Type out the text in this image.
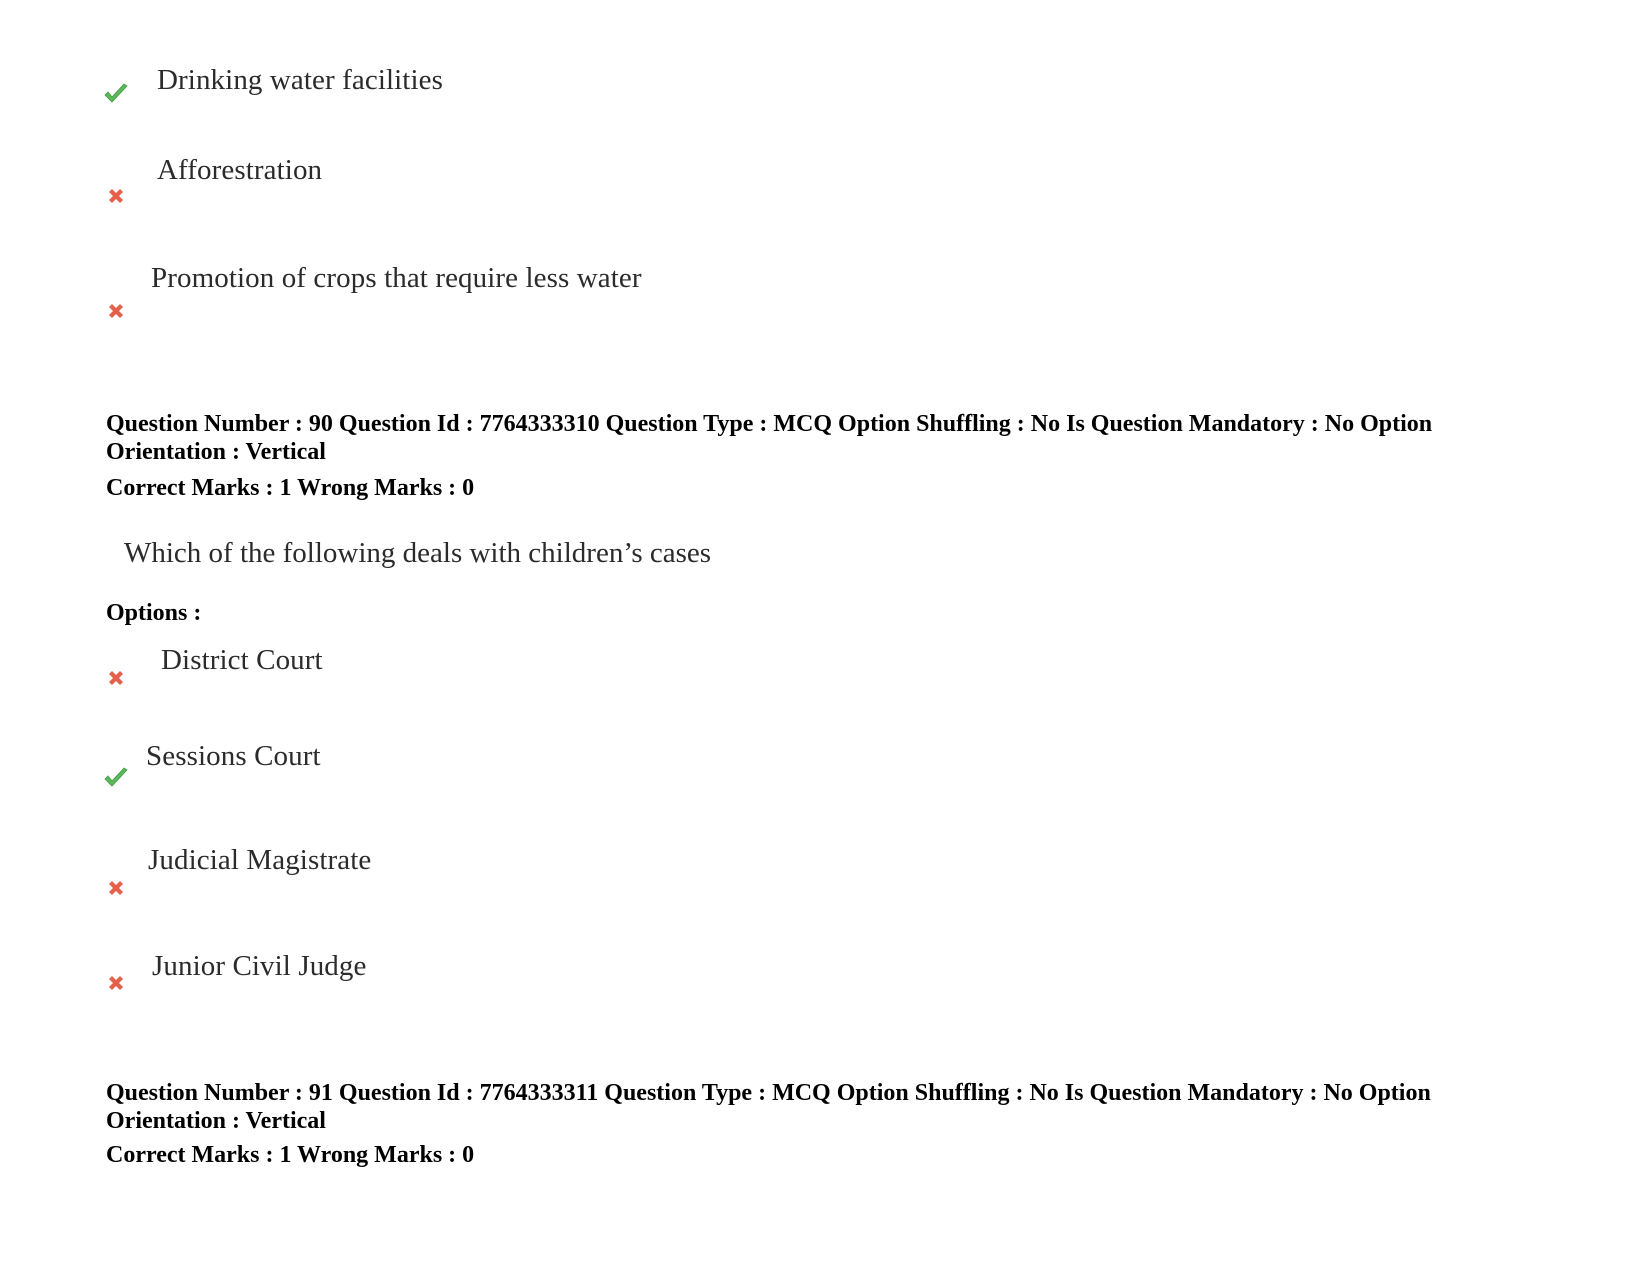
Drinking water facilities
Afforestration
Promotion of crops that require less water
Question Number : 90 Question Id : 7764333310 Question Type : MCQ Option Shuffling : No Is Question Mandatory : No Option
Orientation : Vertical
Correct Marks : 1 Wrong Marks : 0
Which of the following deals with children’s cases
Options :
District Court
Sessions Court
Judicial Magistrate
Junior Civil Judge
Question Number : 91 Question Id : 7764333311 Question Type : MCQ Option Shuffling : No Is Question Mandatory : No Option
Orientation : Vertical
Correct Marks : 1 Wrong Marks : 0
